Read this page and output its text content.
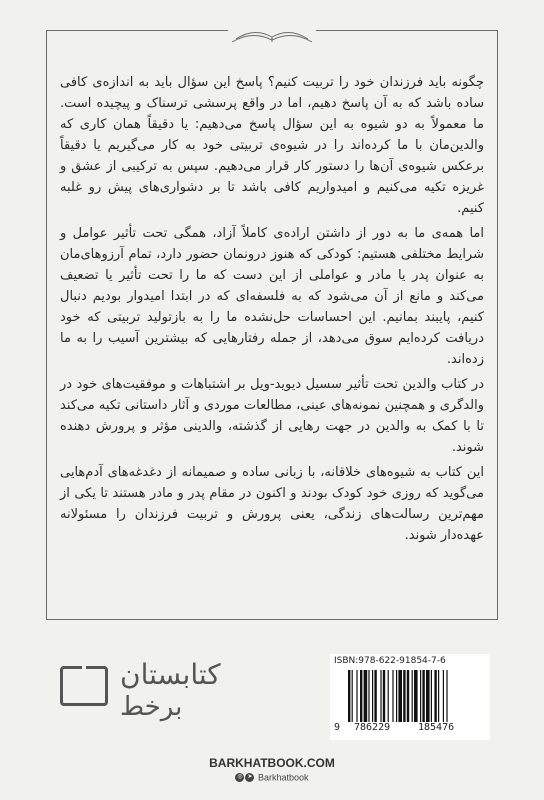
چگونه باید فرزندان خود را تربیت کنیم؟ پاسخ این سؤال باید به اندازه‌ی کافی ساده باشد که به آن پاسخ دهیم، اما در واقع پرسشی ترسناک و پیچیده است. ما معمولاً به دو شیوه به این سؤال پاسخ می‌دهیم: یا دقیقاً همان کاری که والدین‌مان با ما کرده‌اند را در شیوه‌ی تربیتی خود به کار می‌گیریم یا دقیقاً برعکس شیوه‌ی آن‌ها را دستور کار قرار می‌دهیم. سپس به ترکیبی از عشق و غریزه تکیه می‌کنیم و امیدواریم کافی باشد تا بر دشواری‌های پیش رو غلبه کنیم.

اما همه‌ی ما به دور از داشتن اراده‌ی کاملاً آزاد، همگی تحت تأثیر عوامل و شرایط مختلفی هستیم: کودکی که هنوز درونمان حضور دارد، تمام آرزوهای‌مان به عنوان پدر یا مادر و عواملی از این دست که ما را تحت تأثیر یا تضعیف می‌کند و مانع از آن می‌شود که به فلسفه‌ای که در ابتدا امیدوار بودیم دنبال کنیم، پایبند بمانیم. این احساسات حل‌نشده ما را به بازتولید تربیتی که خود دریافت کرده‌ایم سوق می‌دهد، از جمله رفتارهایی که بیشترین آسیب را به ما زده‌اند.

در کتاب والدین تحت تأثیر سسیل دیوید-ویل بر اشتباهات و موفقیت‌های خود در والدگری و همچنین نمونه‌های عینی، مطالعات موردی و آثار داستانی تکیه می‌کند تا با کمک به والدین در جهت رهایی از گذشته، والدینی مؤثر و پرورش دهنده شوند.

این کتاب به شیوه‌های خلاقانه، با زبانی ساده و صمیمانه از دغدغه‌های آدم‌هایی می‌گوید که روزی خود کودک بودند و اکنون در مقام پدر و مادر هستند تا یکی از مهم‌ترین رسالت‌های زندگی، یعنی پرورش و تربیت فرزندان را مسئولانه عهده‌دار شوند.

کتابستان
برخط
ISBN:978-622-91854-7-6
9 786229	185476
BARKHATBOOK.COM
◎ ➤ Barkhatbook
